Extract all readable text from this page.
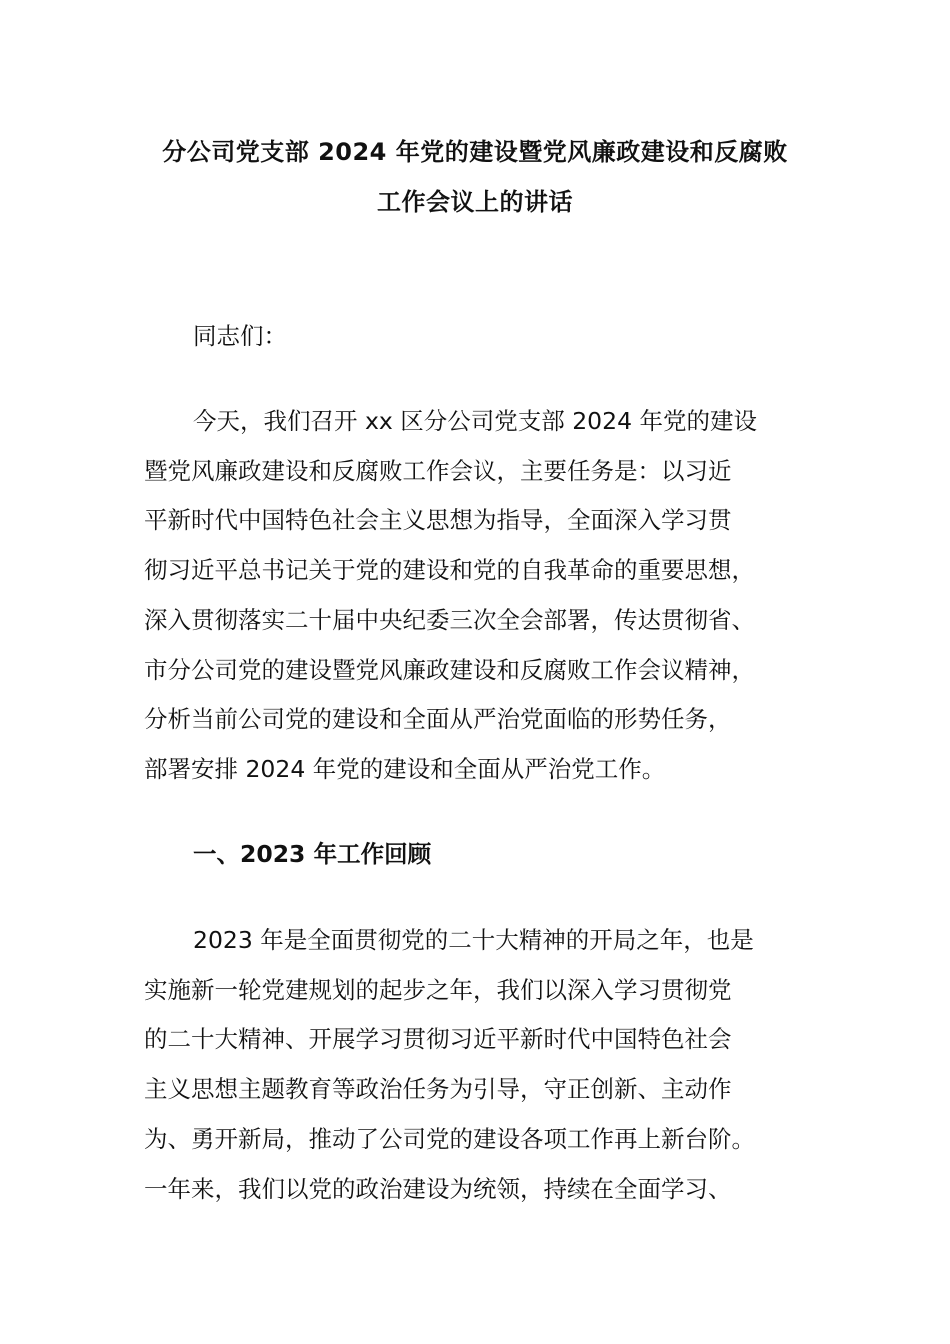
分公司党支部 2024 年党的建设暨党风廉政建设和反腐败
工作会议上的讲话
同志们：
今天，我们召开 xx 区分公司党支部 2024 年党的建设
暨党风廉政建设和反腐败工作会议，主要任务是：以习近
平新时代中国特色社会主义思想为指导，全面深入学习贯
彻习近平总书记关于党的建设和党的自我革命的重要思想，
深入贯彻落实二十届中央纪委三次全会部署，传达贯彻省、
市分公司党的建设暨党风廉政建设和反腐败工作会议精神，
分析当前公司党的建设和全面从严治党面临的形势任务，
部署安排 2024 年党的建设和全面从严治党工作。
一、2023 年工作回顾
2023 年是全面贯彻党的二十大精神的开局之年，也是
实施新一轮党建规划的起步之年，我们以深入学习贯彻党
的二十大精神、开展学习贯彻习近平新时代中国特色社会
主义思想主题教育等政治任务为引导，守正创新、主动作
为、勇开新局，推动了公司党的建设各项工作再上新台阶。
一年来，我们以党的政治建设为统领，持续在全面学习、
